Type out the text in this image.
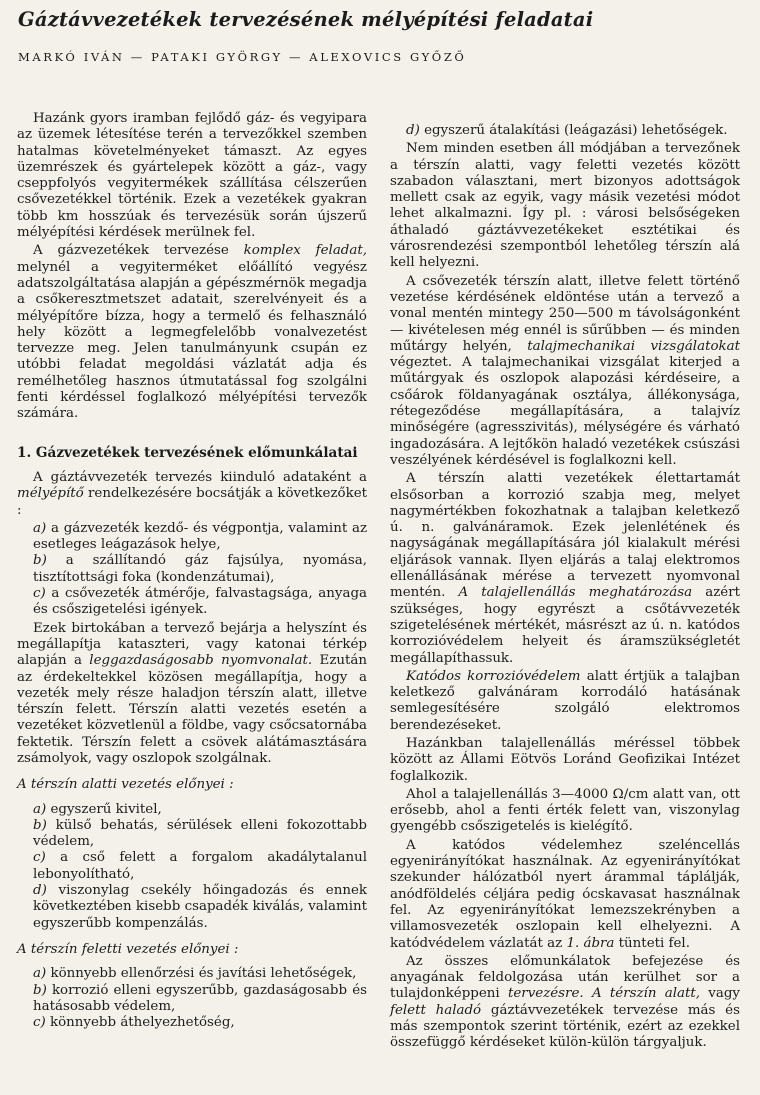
Gáztávvezetékek tervezésének mélyépítési feladatai
MARKÓ IVÁN — PATAKI GYÖRGY — ALEXOVICS GYŐZŐ

Hazánk gyors iramban fejlődő gáz- és vegyipara az üzemek létesítése terén a tervezőkkel szemben hatalmas követelményeket támaszt. Az egyes üzemrészek és gyártelepek között a gáz-, vagy cseppfolyós vegyitermékek szállítása célszerűen csővezetékkel történik. Ezek a vezetékek gyakran több km hosszúak és tervezésük során újszerű mélyépítési kérdések merülnek fel.

A gázvezetékek tervezése komplex feladat, melynél a vegyiterméket előállító vegyész adatszolgáltatása alapján a gépészmérnök megadja a csőkeresztmetszet adatait, szerelvényeit és a mélyépítőre bízza, hogy a termelő és felhasználó hely között a legmegfelelőbb vonalvezetést tervezze meg. Jelen tanulmányunk csupán ez utóbbi feladat megoldási vázlatát adja és remélhetőleg hasznos útmutatással fog szolgálni fenti kérdéssel foglalkozó mélyépítési tervezők számára.

1. Gázvezetékek tervezésének előmunkálatai

A gáztávvezeték tervezés kiinduló adataként a mélyépítő rendelkezésére bocsátják a következőket :

a) a gázvezeték kezdő- és végpontja, valamint az esetleges leágazások helye,

b) a szállítandó gáz fajsúlya, nyomása, tisztítottsági foka (kondenzátumai),

c) a csővezeték átmérője, falvastagsága, anyaga és csőszigetelési igények.

Ezek birtokában a tervező bejárja a helyszínt és megállapítja kataszteri, vagy katonai térkép alapján a leggazdaságosabb nyomvonalat. Ezután az érdekeltekkel közösen megállapítja, hogy a vezeték mely része haladjon térszín alatt, illetve térszín felett. Térszín alatti vezetés esetén a vezetéket közvetlenül a földbe, vagy csőcsatornába fektetik. Térszín felett a csövek alátámasztására zsámolyok, vagy oszlopok szolgálnak.

A térszín alatti vezetés előnyei :

a) egyszerű kivitel,

b) külső behatás, sérülések elleni fokozottabb védelem,

c) a cső felett a forgalom akadálytalanul lebonyolítható,

d) viszonylag csekély hőingadozás és ennek következtében kisebb csapadék kiválás, valamint egyszerűbb kompenzálás.

A térszín feletti vezetés előnyei :

a) könnyebb ellenőrzési és javítási lehetőségek,

b) korrozió elleni egyszerűbb, gazdaságosabb és hatásosabb védelem,

c) könnyebb áthelyezhetőség,

d) egyszerű átalakítási (leágazási) lehetőségek.

Nem minden esetben áll módjában a tervezőnek a térszín alatti, vagy feletti vezetés között szabadon választani, mert bizonyos adottságok mellett csak az egyik, vagy másik vezetési módot lehet alkalmazni. Így pl. : városi belsőségeken áthaladó gáztávvezetékeket esztétikai és városrendezési szempontból lehetőleg térszín alá kell helyezni.

A csővezeték térszín alatt, illetve felett történő vezetése kérdésének eldöntése után a tervező a vonal mentén mintegy 250—500 m távolságonként — kivételesen még ennél is sűrűbben — és minden műtárgy helyén, talajmechanikai vizsgálatokat végeztet. A talajmechanikai vizsgálat kiterjed a műtárgyak és oszlopok alapozási kérdéseire, a csőárok földanyagának osztálya, állékonysága, rétegeződése megállapítására, a talajvíz minőségére (agresszivitás), mélységére és várható ingadozására. A lejtőkön haladó vezetékek csúszási veszélyének kérdésével is foglalkozni kell.

A térszín alatti vezetékek élettartamát elsősorban a korrozió szabja meg, melyet nagymértékben fokozhatnak a talajban keletkező ú. n. galvánáramok. Ezek jelenlétének és nagyságának megállapítására jól kialakult mérési eljárások vannak. Ilyen eljárás a talaj elektromos ellenállásának mérése a tervezett nyomvonal mentén. A talajellenállás meghatározása azért szükséges, hogy egyrészt a csőtávvezeték szigetelésének mértékét, másrészt az ú. n. katódos korrozióvédelem helyeit és áramszükségletét megállapíthassuk.

Katódos korrozióvédelem alatt értjük a talajban keletkező galvánáram korrodáló hatásának semlegesítésére szolgáló elektromos berendezéseket.

Hazánkban talajellenállás méréssel többek között az Állami Eötvös Loránd Geofizikai Intézet foglalkozik.

Ahol a talajellenállás 3—4000 Ω/cm alatt van, ott erősebb, ahol a fenti érték felett van, viszonylag gyengébb csőszigetelés is kielégítő.

A katódos védelemhez szeléncellás egyenirányítókat használnak. Az egyenirányítókat szekunder hálózatból nyert árammal táplálják, anódföldelés céljára pedig ócskavasat használnak fel. Az egyenirányítókat lemezszekrényben a villamosvezeték oszlopain kell elhelyezni. A katódvédelem vázlatát az 1. ábra tünteti fel.

Az összes előmunkálatok befejezése és anyagának feldolgozása után kerülhet sor a tulajdonképpeni tervezésre. A térszín alatt, vagy felett haladó gáztávvezetékek tervezése más és más szempontok szerint történik, ezért az ezekkel összefüggő kérdéseket külön-külön tárgyaljuk.
